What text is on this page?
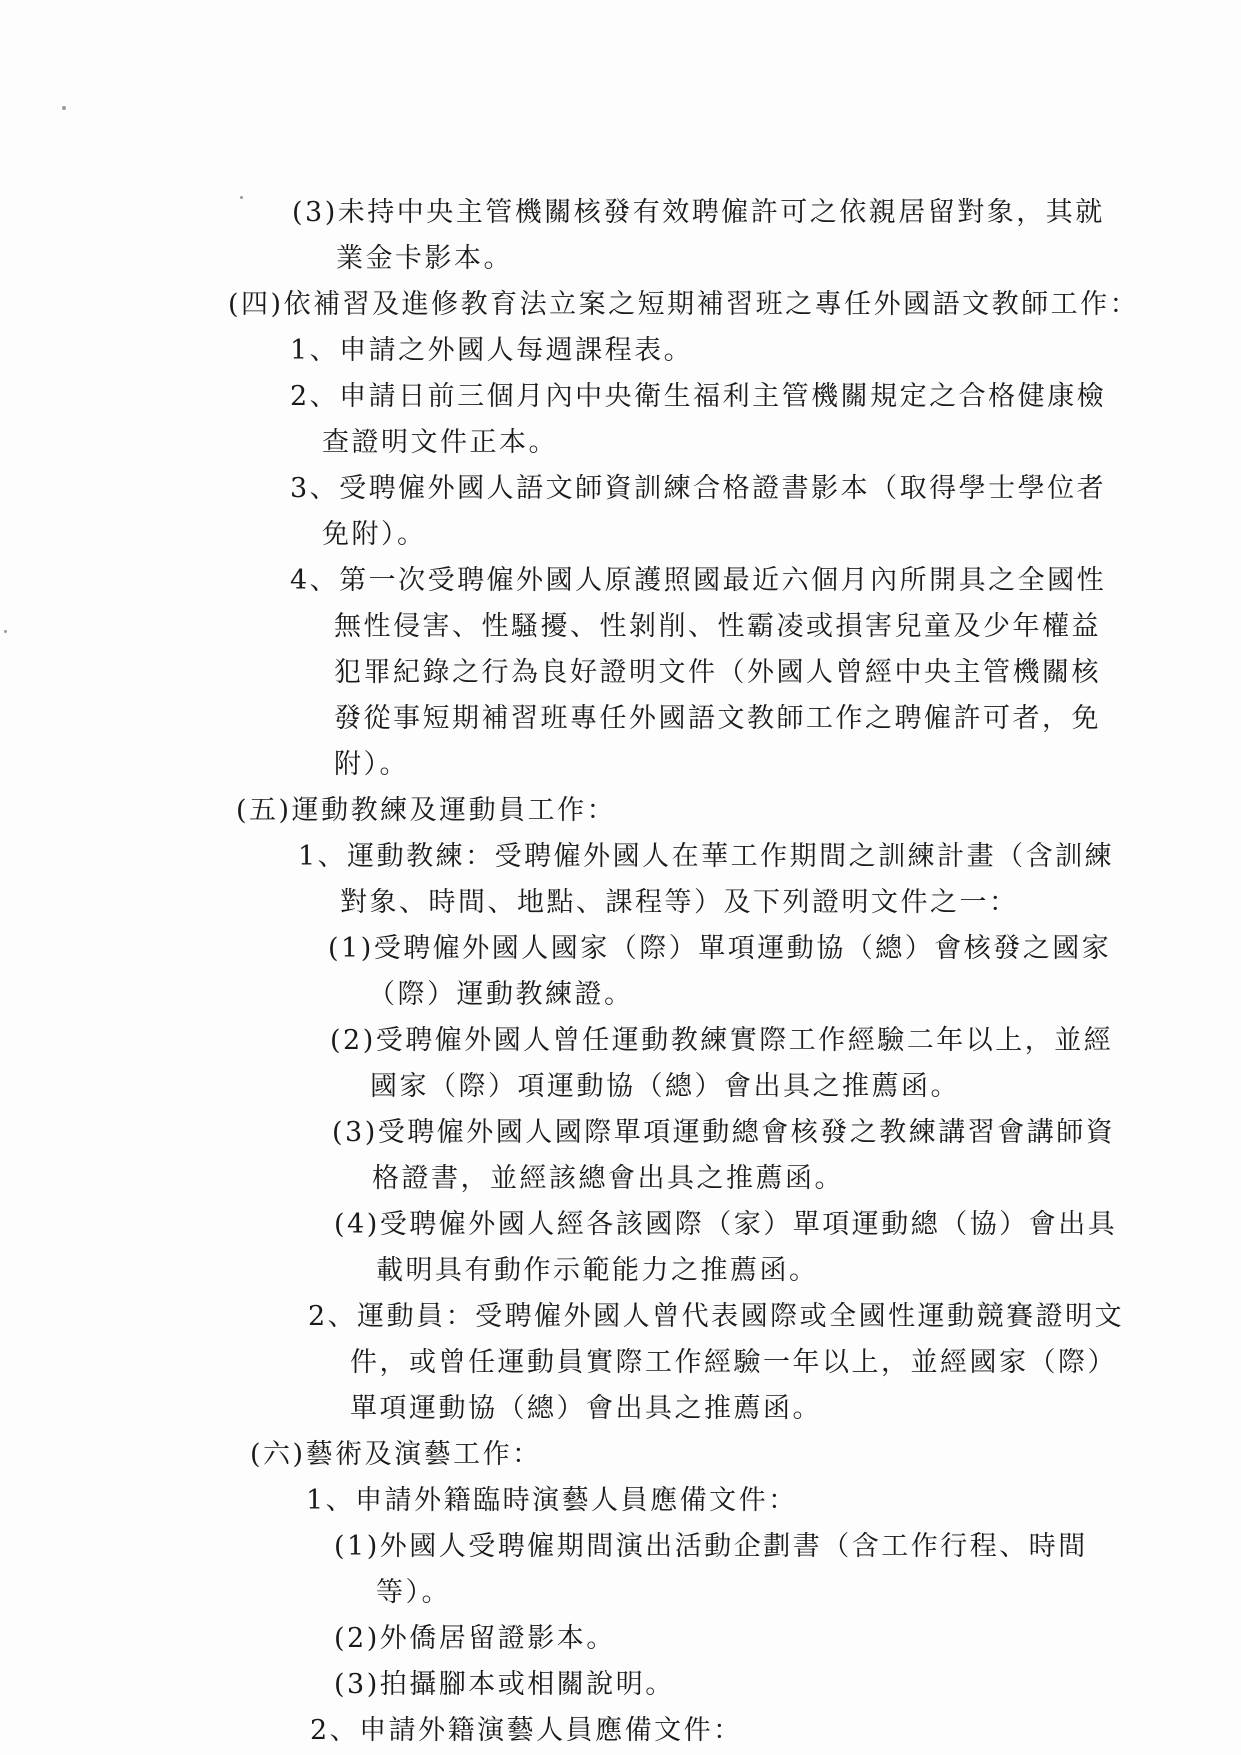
(3)未持中央主管機關核發有效聘僱許可之依親居留對象，其就
業金卡影本。
(四)依補習及進修教育法立案之短期補習班之專任外國語文教師工作：
1、申請之外國人每週課程表。
2、申請日前三個月內中央衛生福利主管機關規定之合格健康檢
查證明文件正本。
3、受聘僱外國人語文師資訓練合格證書影本（取得學士學位者
免附）。
4、第一次受聘僱外國人原護照國最近六個月內所開具之全國性
無性侵害、性騷擾、性剝削、性霸凌或損害兒童及少年權益
犯罪紀錄之行為良好證明文件（外國人曾經中央主管機關核
發從事短期補習班專任外國語文教師工作之聘僱許可者，免
附）。
(五)運動教練及運動員工作：
1、運動教練：受聘僱外國人在華工作期間之訓練計畫（含訓練
對象、時間、地點、課程等）及下列證明文件之一：
(1)受聘僱外國人國家（際）單項運動協（總）會核發之國家
（際）運動教練證。
(2)受聘僱外國人曾任運動教練實際工作經驗二年以上，並經
國家（際）項運動協（總）會出具之推薦函。
(3)受聘僱外國人國際單項運動總會核發之教練講習會講師資
格證書，並經該總會出具之推薦函。
(4)受聘僱外國人經各該國際（家）單項運動總（協）會出具
載明具有動作示範能力之推薦函。
2、運動員：受聘僱外國人曾代表國際或全國性運動競賽證明文
件，或曾任運動員實際工作經驗一年以上，並經國家（際）
單項運動協（總）會出具之推薦函。
(六)藝術及演藝工作：
1、申請外籍臨時演藝人員應備文件：
(1)外國人受聘僱期間演出活動企劃書（含工作行程、時間
等）。
(2)外僑居留證影本。
(3)拍攝腳本或相關說明。
2、申請外籍演藝人員應備文件：
